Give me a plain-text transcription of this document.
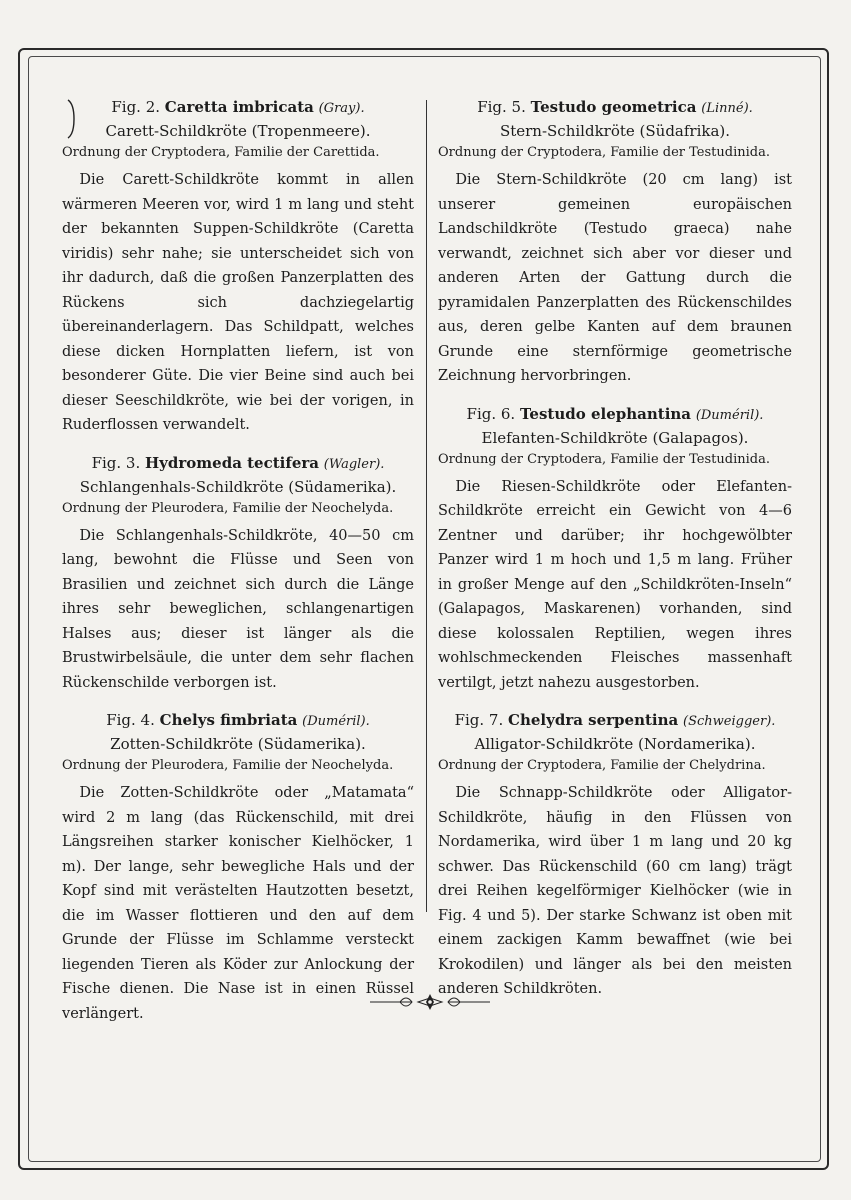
Fig. 2. Caretta imbricata (Gray).
Carett-Schildkröte (Tropenmeere).
Ordnung der Cryptodera, Familie der Carettida.

Die Carett-Schildkröte kommt in allen wärmeren Meeren vor, wird 1 m lang und steht der bekannten Suppen-Schildkröte (Caretta viridis) sehr nahe; sie unterscheidet sich von ihr dadurch, daß die großen Panzerplatten des Rückens sich dachziegelartig übereinanderlagern. Das Schildpatt, welches diese dicken Hornplatten liefern, ist von besonderer Güte. Die vier Beine sind auch bei dieser Seeschildkröte, wie bei der vorigen, in Ruderflossen verwandelt.

Fig. 3. Hydromeda tectifera (Wagler).
Schlangenhals-Schildkröte (Südamerika).
Ordnung der Pleurodera, Familie der Neochelyda.

Die Schlangenhals-Schildkröte, 40—50 cm lang, bewohnt die Flüsse und Seen von Brasilien und zeichnet sich durch die Länge ihres sehr beweglichen, schlangenartigen Halses aus; dieser ist länger als die Brustwirbelsäule, die unter dem sehr flachen Rückenschilde verborgen ist.

Fig. 4. Chelys fimbriata (Duméril).
Zotten-Schildkröte (Südamerika).
Ordnung der Pleurodera, Familie der Neochelyda.

Die Zotten-Schildkröte oder „Matamata“ wird 2 m lang (das Rückenschild, mit drei Längsreihen starker konischer Kielhöcker, 1 m). Der lange, sehr bewegliche Hals und der Kopf sind mit verästelten Hautzotten besetzt, die im Wasser flottieren und den auf dem Grunde der Flüsse im Schlamme versteckt liegenden Tieren als Köder zur Anlockung der Fische dienen. Die Nase ist in einen Rüssel verlängert.

Fig. 5. Testudo geometrica (Linné).
Stern-Schildkröte (Südafrika).
Ordnung der Cryptodera, Familie der Testudinida.

Die Stern-Schildkröte (20 cm lang) ist unserer gemeinen europäischen Landschildkröte (Testudo graeca) nahe verwandt, zeichnet sich aber vor dieser und anderen Arten der Gattung durch die pyramidalen Panzerplatten des Rückenschildes aus, deren gelbe Kanten auf dem braunen Grunde eine sternförmige geometrische Zeichnung hervorbringen.

Fig. 6. Testudo elephantina (Duméril).
Elefanten-Schildkröte (Galapagos).
Ordnung der Cryptodera, Familie der Testudinida.

Die Riesen-Schildkröte oder Elefanten-Schildkröte erreicht ein Gewicht von 4—6 Zentner und darüber; ihr hochgewölbter Panzer wird 1 m hoch und 1,5 m lang. Früher in großer Menge auf den „Schildkröten-Inseln“ (Galapagos, Maskarenen) vorhanden, sind diese kolossalen Reptilien, wegen ihres wohlschmeckenden Fleisches massenhaft vertilgt, jetzt nahezu ausgestorben.

Fig. 7. Chelydra serpentina (Schweigger).
Alligator-Schildkröte (Nordamerika).
Ordnung der Cryptodera, Familie der Chelydrina.

Die Schnapp-Schildkröte oder Alligator-Schildkröte, häufig in den Flüssen von Nordamerika, wird über 1 m lang und 20 kg schwer. Das Rückenschild (60 cm lang) trägt drei Reihen kegelförmiger Kielhöcker (wie in Fig. 4 und 5). Der starke Schwanz ist oben mit einem zackigen Kamm bewaffnet (wie bei Krokodilen) und länger als bei den meisten anderen Schildkröten.
